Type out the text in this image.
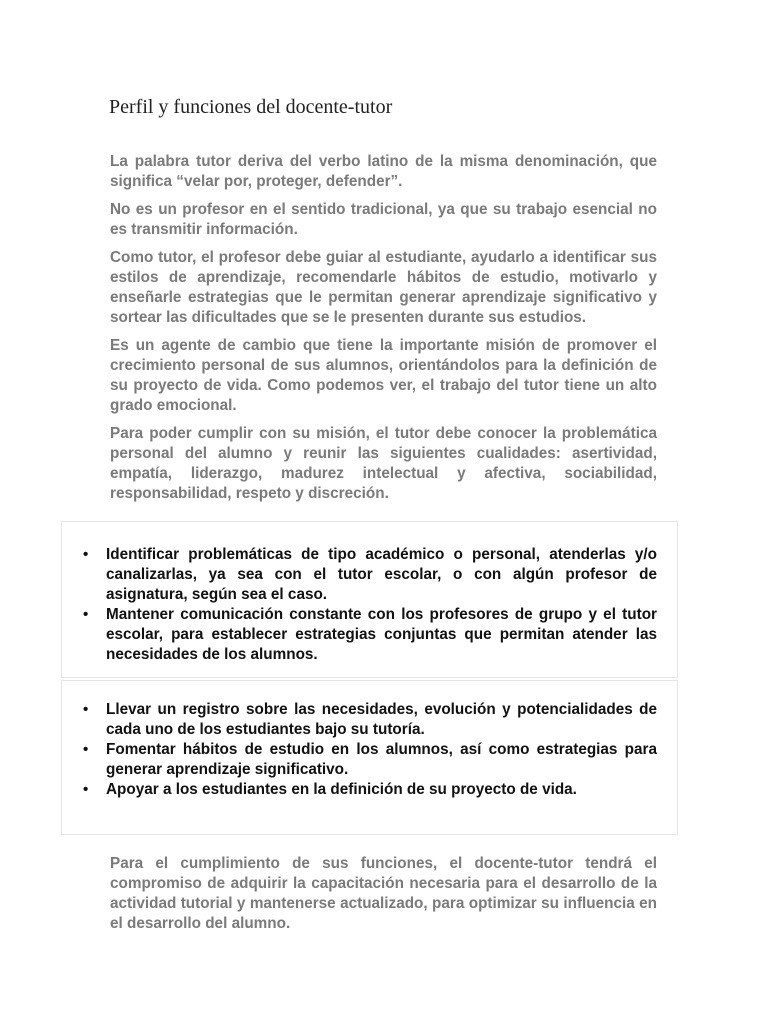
Perfil y funciones del docente-tutor

La palabra tutor deriva del verbo latino de la misma denominación, que significa “velar por, proteger, defender”.

No es un profesor en el sentido tradicional, ya que su trabajo esencial no es transmitir información.

Como tutor, el profesor debe guiar al estudiante, ayudarlo a identificar sus estilos de aprendizaje, recomendarle hábitos de estudio, motivarlo y enseñarle estrategias que le permitan generar aprendizaje significativo y sortear las dificultades que se le presenten durante sus estudios.

Es un agente de cambio que tiene la importante misión de promover el crecimiento personal de sus alumnos, orientándolos para la definición de su proyecto de vida. Como podemos ver, el trabajo del tutor tiene un alto grado emocional.

Para poder cumplir con su misión, el tutor debe conocer la problemática personal del alumno y reunir las siguientes cualidades: asertividad, empatía, liderazgo, madurez intelectual y afectiva, sociabilidad, responsabilidad, respeto y discreción.

• Identificar problemáticas de tipo académico o personal, atenderlas y/o canalizarlas, ya sea con el tutor escolar, o con algún profesor de asignatura, según sea el caso.
• Mantener comunicación constante con los profesores de grupo y el tutor escolar, para establecer estrategias conjuntas que permitan atender las necesidades de los alumnos.
• Llevar un registro sobre las necesidades, evolución y potencialidades de cada uno de los estudiantes bajo su tutoría.
• Fomentar hábitos de estudio en los alumnos, así como estrategias para generar aprendizaje significativo.
• Apoyar a los estudiantes en la definición de su proyecto de vida.

Para el cumplimiento de sus funciones, el docente-tutor tendrá el compromiso de adquirir la capacitación necesaria para el desarrollo de la actividad tutorial y mantenerse actualizado, para optimizar su influencia en el desarrollo del alumno.
